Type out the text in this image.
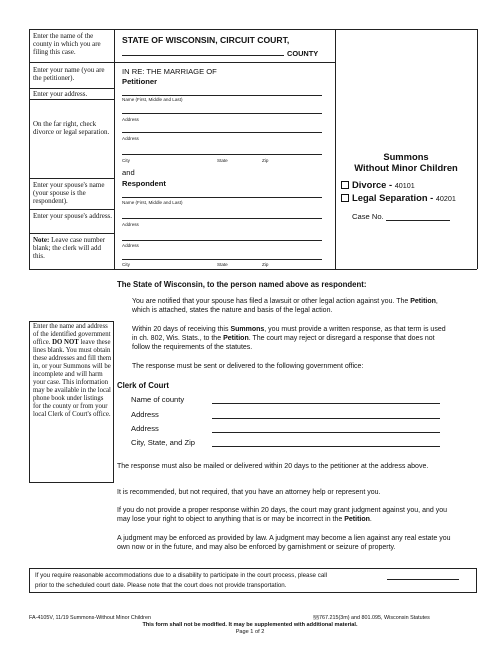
Enter the name of the county in which you are filing this case.
Enter your name (you are the petitioner).
Enter your address.
On the far right, check divorce or legal separation.
Enter your spouse's name (your spouse is the respondent).
Enter your spouse's address.
Note: Leave case number blank; the clerk will add this.
STATE OF WISCONSIN, CIRCUIT COURT,
COUNTY
IN RE: THE MARRIAGE OF
Petitioner
Name (First, Middle and Last)
Address
Address
City	State	Zip
and
Respondent
Name (First, Middle and Last)
Address
Address
City	State	Zip
Summons
Without Minor Children
Divorce - 40101
Legal Separation - 40201
Case No.
The State of Wisconsin, to the person named above as respondent:
You are notified that your spouse has filed a lawsuit or other legal action against you. The Petition, which is attached, states the nature and basis of the legal action.
Within 20 days of receiving this Summons, you must provide a written response, as that term is used in ch. 802, Wis. Stats., to the Petition. The court may reject or disregard a response that does not follow the requirements of the statutes.
The response must be sent or delivered to the following government office:
Clerk of Court
Name of county
Address
Address
City, State, and Zip
The response must also be mailed or delivered within 20 days to the petitioner at the address above.
It is recommended, but not required, that you have an attorney help or represent you.
If you do not provide a proper response within 20 days, the court may grant judgment against you, and you may lose your right to object to anything that is or may be incorrect in the Petition.
A judgment may be enforced as provided by law. A judgment may become a lien against any real estate you own now or in the future, and may also be enforced by garnishment or seizure of property.
Enter the name and address of the identified government office. DO NOT leave these lines blank. You must obtain these addresses and fill them in, or your Summons will be incomplete and will harm your case. This information may be available in the local phone book under listings for the county or from your local Clerk of Court's office.
If you require reasonable accommodations due to a disability to participate in the court process, please call
prior to the scheduled court date. Please note that the court does not provide transportation.
FA-4105V, 11/19 Summons-Without Minor Children	§§767.215(3m) and 801.095, Wisconsin Statutes
This form shall not be modified. It may be supplemented with additional material.
Page 1 of 2
